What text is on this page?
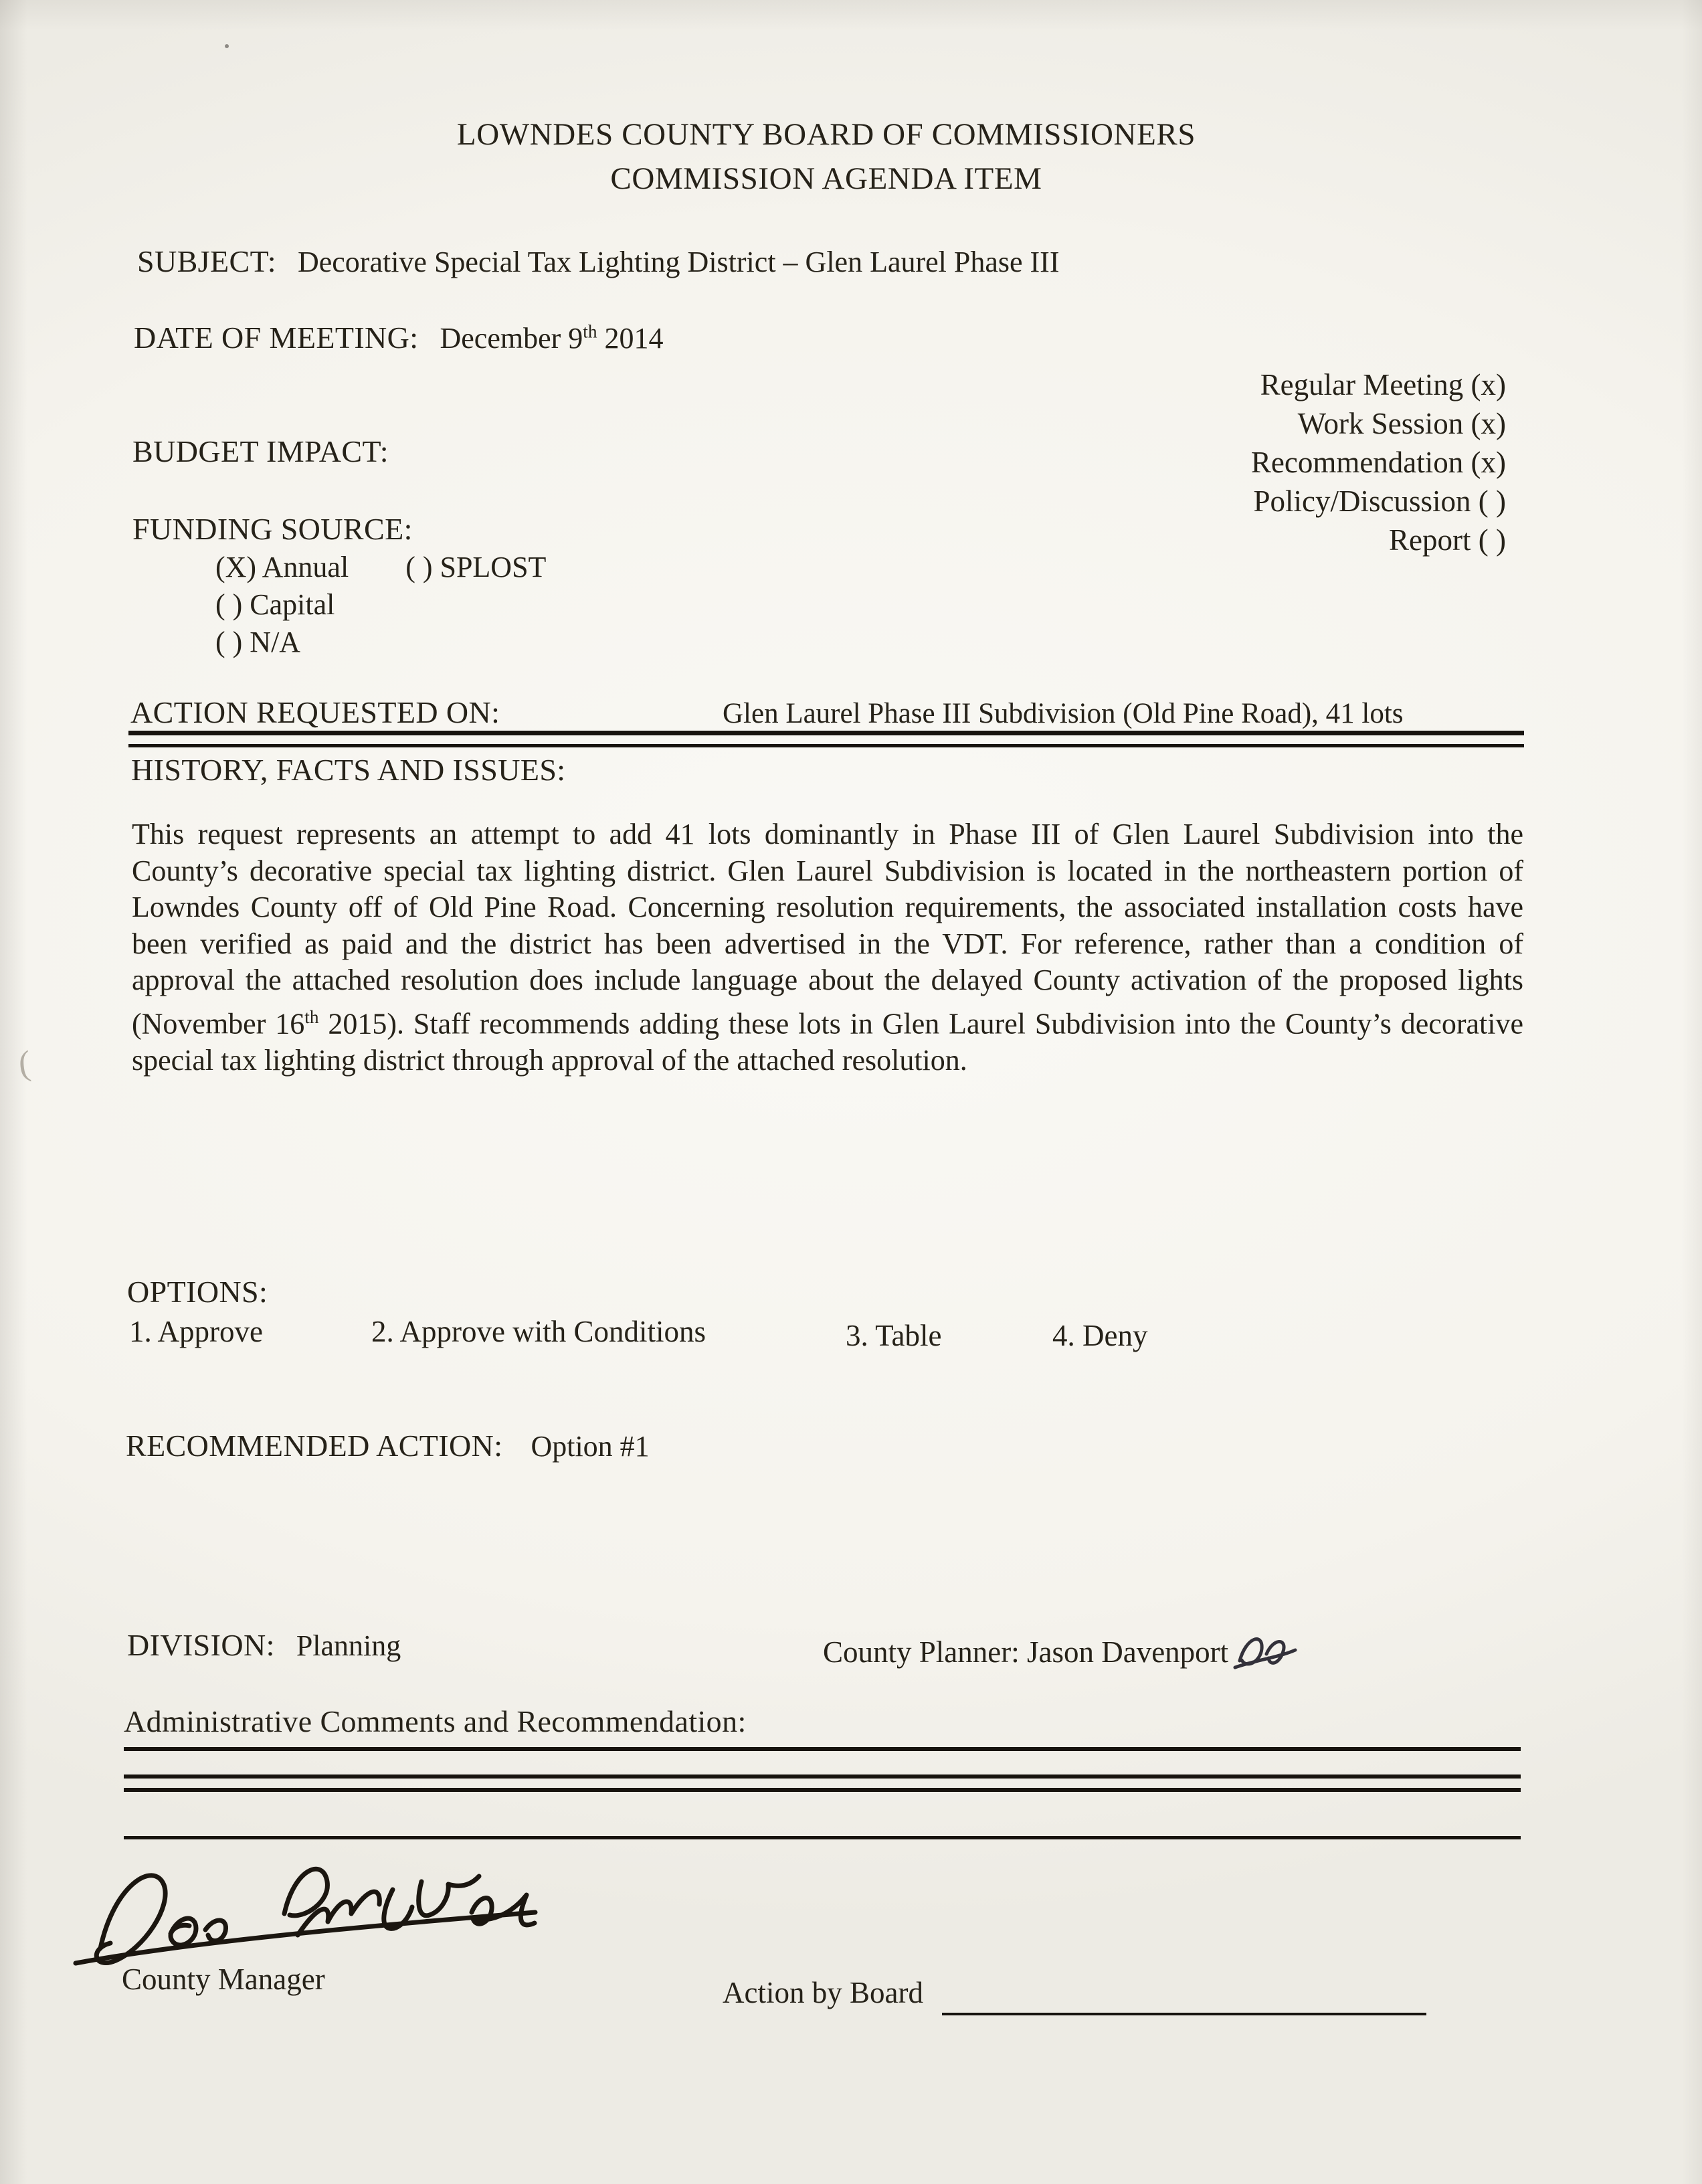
LOWNDES COUNTY BOARD OF COMMISSIONERS
COMMISSION AGENDA ITEM
SUBJECT: Decorative Special Tax Lighting District – Glen Laurel Phase III
DATE OF MEETING: December 9th 2014
Regular Meeting (x)
Work Session (x)
Recommendation (x)
Policy/Discussion ( )
Report ( )
BUDGET IMPACT:
FUNDING SOURCE:
(X) Annual ( ) SPLOST
( ) Capital
( ) N/A
ACTION REQUESTED ON:	Glen Laurel Phase III Subdivision (Old Pine Road), 41 lots
HISTORY, FACTS AND ISSUES:
This request represents an attempt to add 41 lots dominantly in Phase III of Glen Laurel Subdivision into the County’s decorative special tax lighting district. Glen Laurel Subdivision is located in the northeastern portion of Lowndes County off of Old Pine Road. Concerning resolution requirements, the associated installation costs have been verified as paid and the district has been advertised in the VDT. For reference, rather than a condition of approval the attached resolution does include language about the delayed County activation of the proposed lights (November 16th 2015). Staff recommends adding these lots in Glen Laurel Subdivision into the County’s decorative special tax lighting district through approval of the attached resolution.
OPTIONS:
1. Approve	2. Approve with Conditions	3. Table	4. Deny
RECOMMENDED ACTION: Option #1
DIVISION: Planning	County Planner: Jason Davenport
Administrative Comments and Recommendation:
County Manager	Action by Board
(
